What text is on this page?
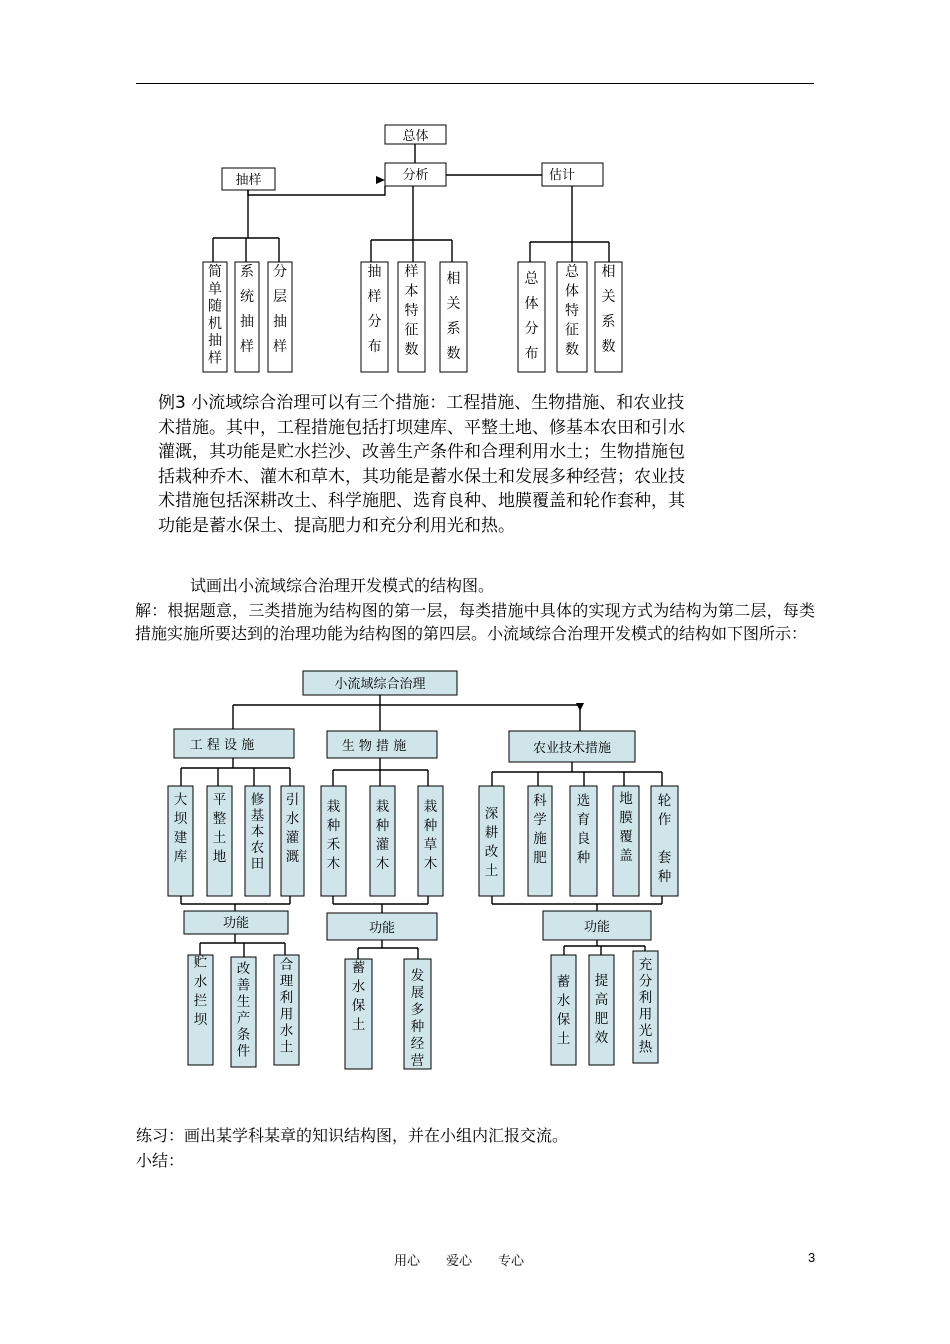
总体
抽样	分析	估计
简
单
随
机
抽
样
系
统
抽
样
分
层
抽
样
抽
样
分
布
样
本
特
征
数
相
关
系
数
总
体
分
布
总
体
特
征
数
相
关
系
数

例3 小流域综合治理可以有三个措施：工程措施、生物措施、和农业技术措施。其中，工程措施包括打坝建库、平整土地、修基本农田和引水灌溉，其功能是贮水拦沙、改善生产条件和合理利用水土；生物措施包括栽种乔木、灌木和草木，其功能是蓄水保土和发展多种经营；农业技术措施包括深耕改土、科学施肥、选育良种、地膜覆盖和轮作套种，其功能是蓄水保土、提高肥力和充分利用光和热。

试画出小流域综合治理开发模式的结构图。

解：根据题意，三类措施为结构图的第一层，每类措施中具体的实现方式为结构为第二层，每类措施实施所要达到的治理功能为结构图的第四层。小流域综合治理开发模式的结构如下图所示：

小流域综合治理
工 程 设 施	生 物 措 施	农业技术措施
功能	功能	功能
大
坝
建
库
平
整
土
地
修
基
本
农
田
引
水
灌
溉
栽
种
禾
木
栽
种
灌
木
栽
种
草
木
深
耕
改
土
科
学
施
肥
选
育
良
种
地
膜
覆
盖
轮
作
套
种
贮
水
拦
坝
改
善
生
产
条
件
合
理
利
用
水
土
蓄
水
保
土
发
展
多
种
经
营
蓄
水
保
土
提
高
肥
效
充
分
利
用
光
热

练习：画出某学科某章的知识结构图，并在小组内汇报交流。

小结：

用心　　爱心　　专心	3
